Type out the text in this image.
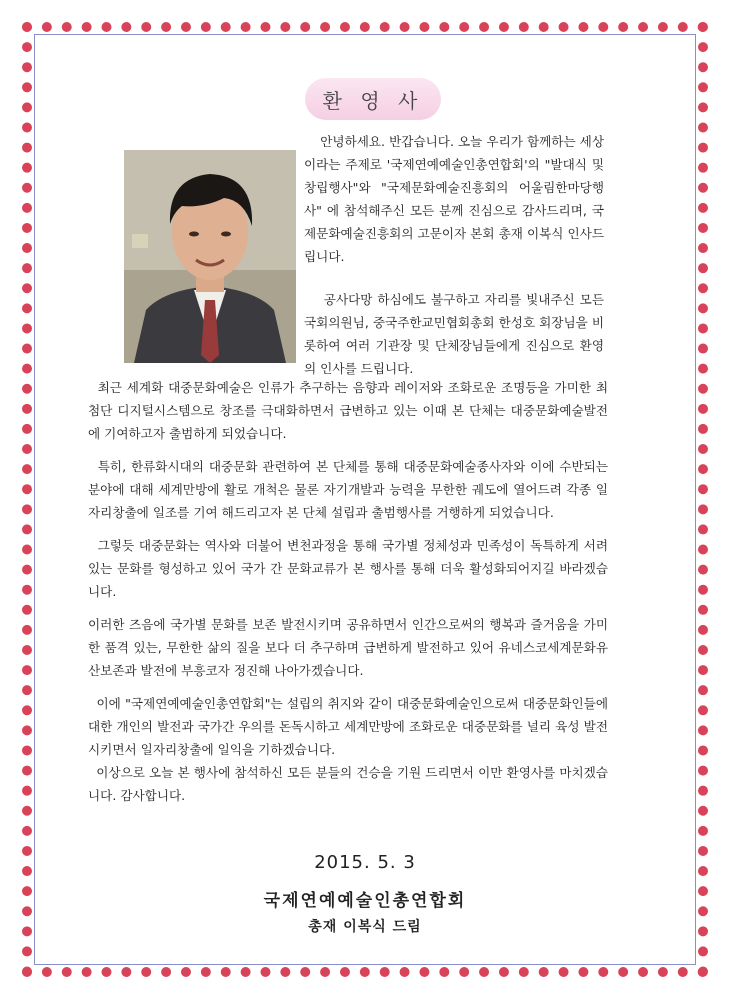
환 영 사

안녕하세요. 반갑습니다. 오늘 우리가 함께하는 세상이라는 주제로 '국제연예예술인총연합회'의 "발대식 및 창립행사"와 "국제문화예술진흥회의 어울림한마당행사" 에 참석해주신 모든 분께 진심으로 감사드리며, 국제문화예술진흥회의 고문이자 본회 총재 이복식 인사드립니다.

공사다망 하심에도 불구하고 자리를 빛내주신 모든 국회의원님, 중국주한교민협회총회 한성호 회장님을 비롯하여 여러 기관장 및 단체장님들에게 진심으로 환영의 인사를 드립니다.

최근 세계화 대중문화예술은 인류가 추구하는 음향과 레이저와 조화로운 조명등을 가미한 최첨단 디지털시스템으로 창조를 극대화하면서 급변하고 있는 이때 본 단체는 대중문화예술발전에 기여하고자 출범하게 되었습니다.

특히, 한류화시대의 대중문화 관련하여 본 단체를 통해 대중문화예술종사자와 이에 수반되는 분야에 대해 세계만방에 활로 개척은 물론 자기개발과 능력을 무한한 궤도에 열어드려 각종 일자리창출에 일조를 기여 해드리고자 본 단체 설립과 출범행사를 거행하게 되었습니다.

그렇듯 대중문화는 역사와 더불어 변천과정을 통해 국가별 정체성과 민족성이 독특하게 서려있는 문화를 형성하고 있어 국가 간 문화교류가 본 행사를 통해 더욱 활성화되어지길 바라겠습니다.

이러한 즈음에 국가별 문화를 보존 발전시키며 공유하면서 인간으로써의 행복과 즐거움을 가미한 품격 있는, 무한한 삶의 질을 보다 더 추구하며 급변하게 발전하고 있어 유네스코세계문화유산보존과 발전에 부흥코자 정진해 나아가겠습니다.

이에 "국제연예예술인총연합회"는 설립의 취지와 같이 대중문화예술인으로써 대중문화인들에 대한 개인의 발전과 국가간 우의를 돈독시하고 세계만방에 조화로운 대중문화를 널리 육성 발전시키면서 일자리창출에 일익을 기하겠습니다.
이상으로 오늘 본 행사에 참석하신 모든 분들의 건승을 기원 드리면서 이만 환영사를 마치겠습니다. 감사합니다.

2015. 5. 3
국제연예예술인총연합회
총재 이복식 드림
